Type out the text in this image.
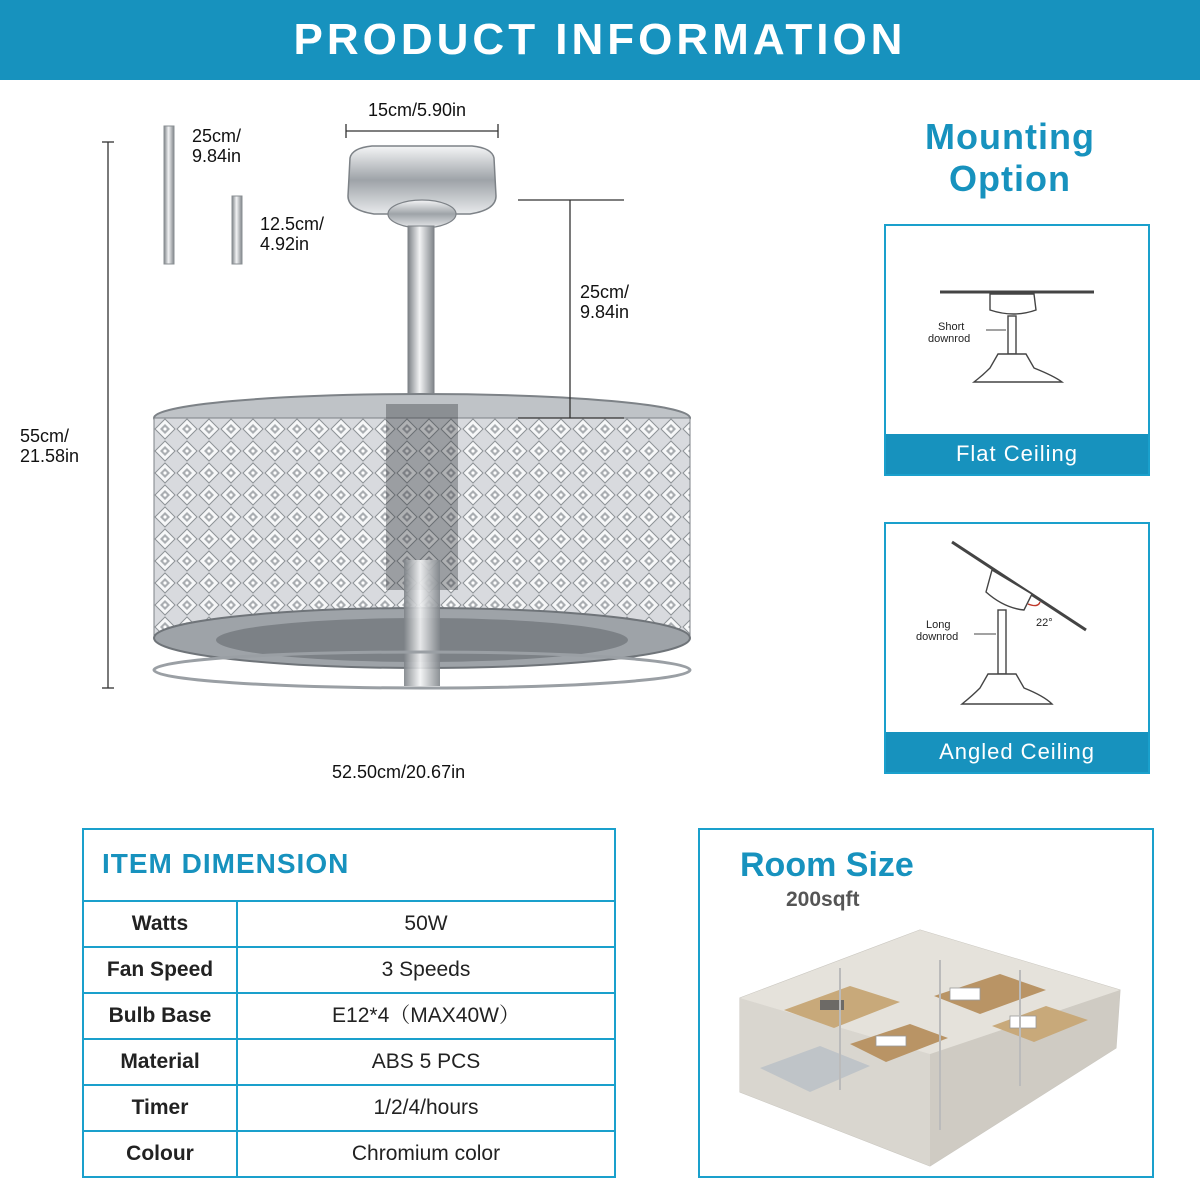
PRODUCT INFORMATION
15cm/5.90in
25cm/
9.84in
12.5cm/
4.92in
25cm/
9.84in
55cm/
21.58in
52.50cm/20.67in
Mounting Option
Short
downrod
Flat Ceiling
22°
Long
downrod
Angled Ceiling
ITEM DIMENSION
Watts	50W
Fan Speed	3 Speeds
Bulb Base	E12*4（MAX40W）
Material	ABS 5 PCS
Timer	1/2/4/hours
Colour	Chromium color
Room Size
200sqft
